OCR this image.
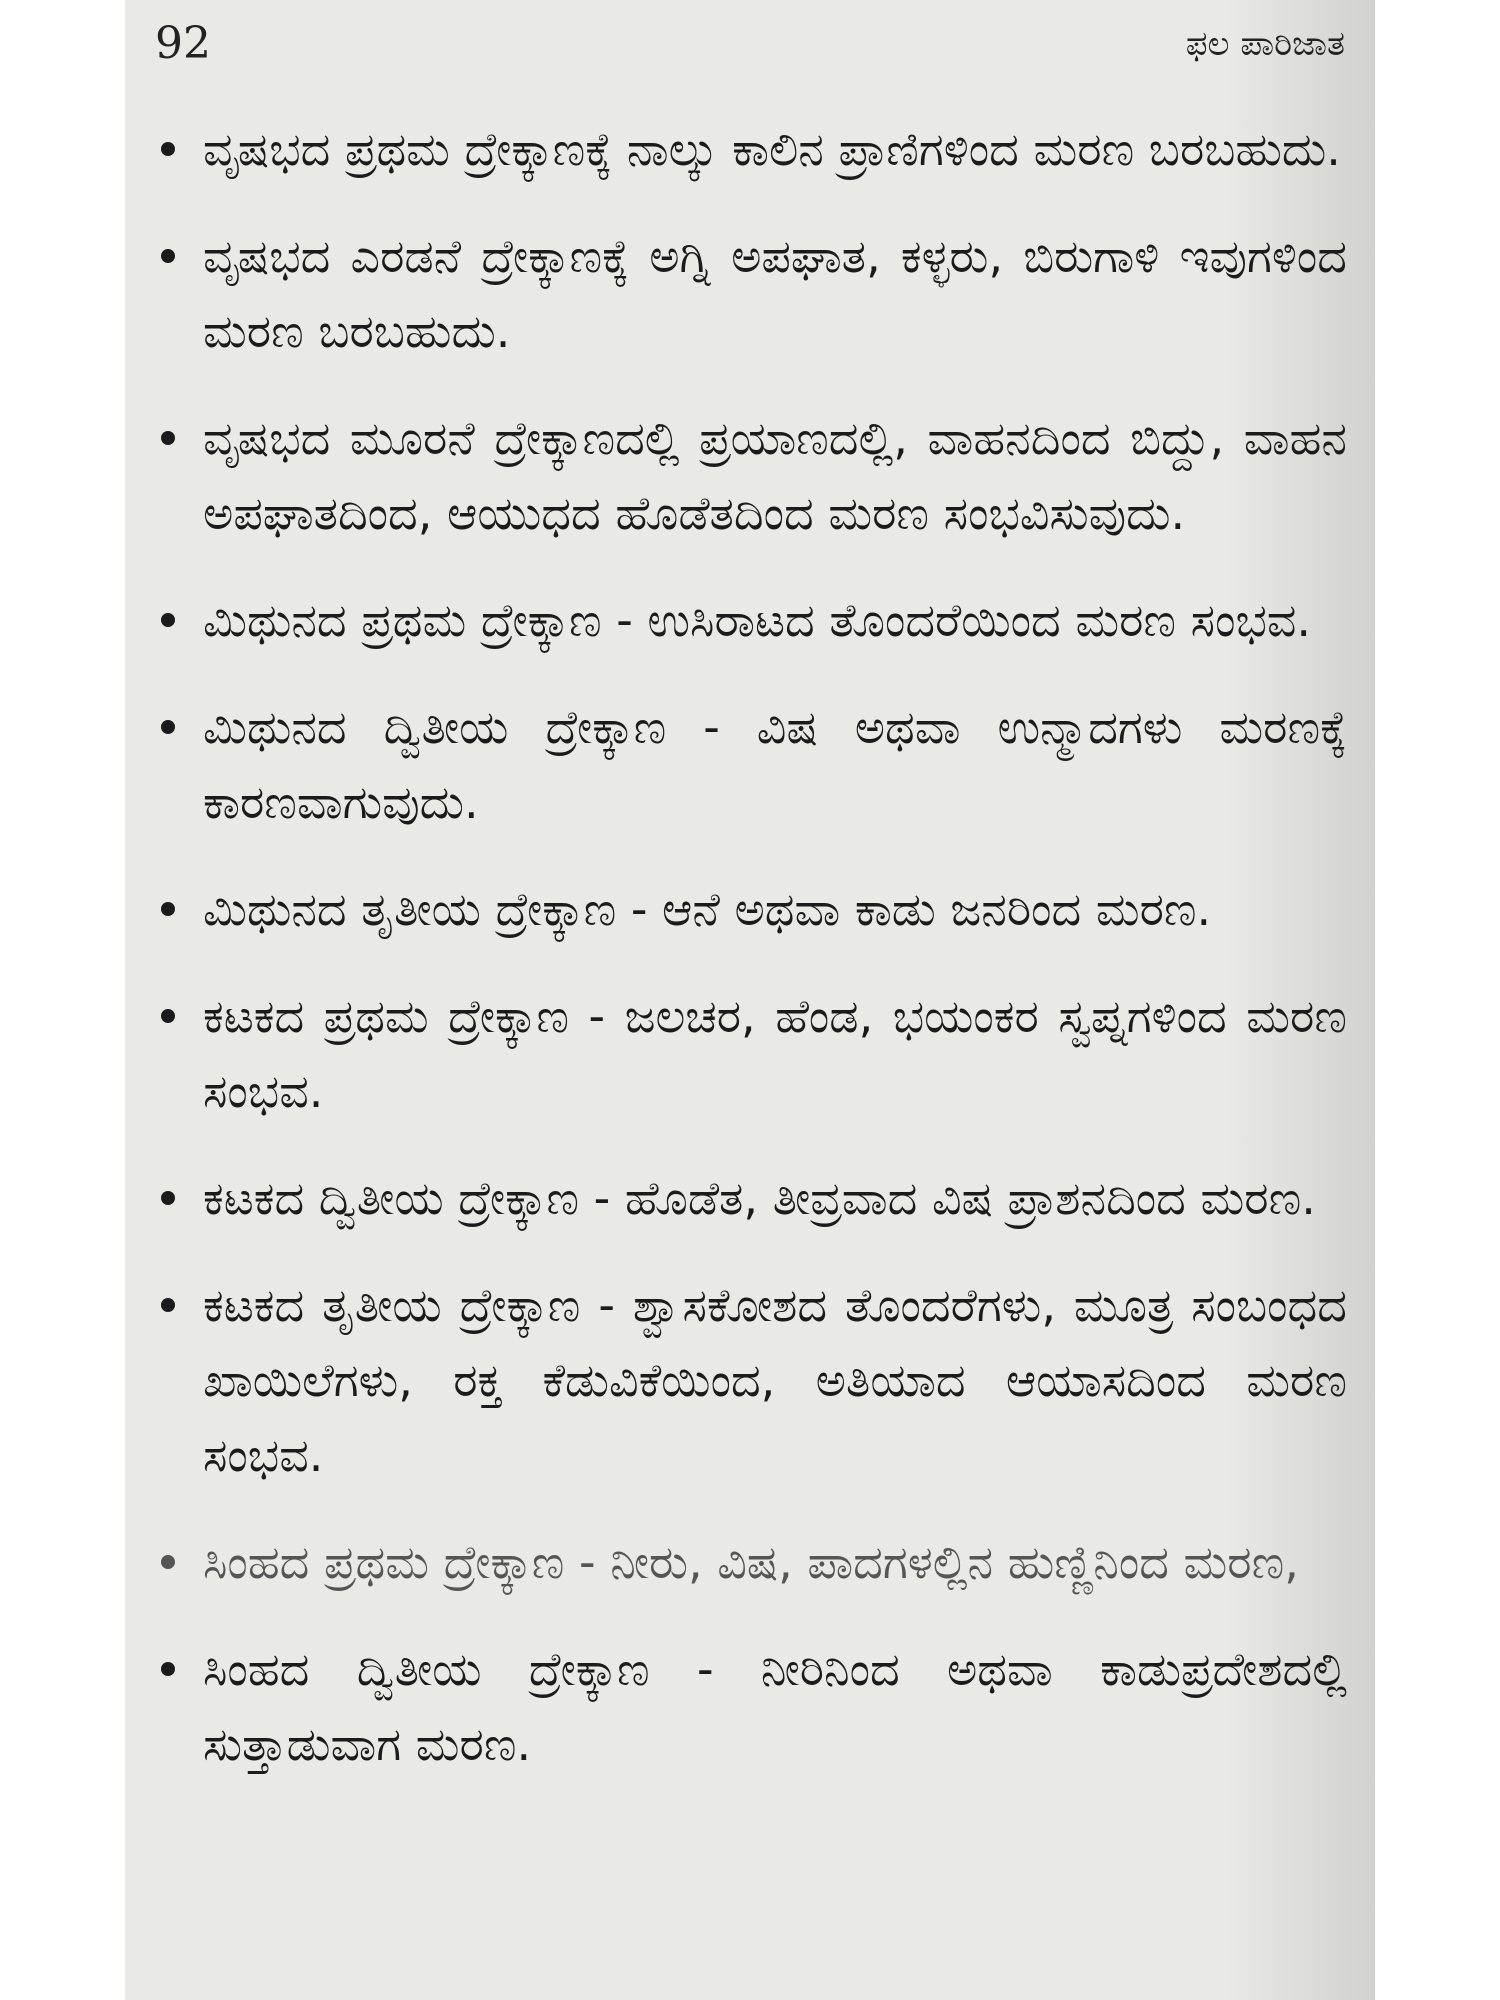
92	ಫಲ ಪಾರಿಜಾತ
ವೃಷಭದ ಪ್ರಥಮ ದ್ರೇಕ್ಕಾಣಕ್ಕೆ ನಾಲ್ಕು ಕಾಲಿನ ಪ್ರಾಣಿಗಳಿಂದ ಮರಣ ಬರಬಹುದು.
ವೃಷಭದ ಎರಡನೆ ದ್ರೇಕ್ಕಾಣಕ್ಕೆ ಅಗ್ನಿ ಅಪಘಾತ, ಕಳ್ಳರು, ಬಿರುಗಾಳಿ ಇವುಗಳಿಂದ ಮರಣ ಬರಬಹುದು.
ವೃಷಭದ ಮೂರನೆ ದ್ರೇಕ್ಕಾಣದಲ್ಲಿ ಪ್ರಯಾಣದಲ್ಲಿ, ವಾಹನದಿಂದ ಬಿದ್ದು, ವಾಹನ ಅಪಘಾತದಿಂದ, ಆಯುಧದ ಹೊಡೆತದಿಂದ ಮರಣ ಸಂಭವಿಸುವುದು.
ಮಿಥುನದ ಪ್ರಥಮ ದ್ರೇಕ್ಕಾಣ - ಉಸಿರಾಟದ ತೊಂದರೆಯಿಂದ ಮರಣ ಸಂಭವ.
ಮಿಥುನದ ದ್ವಿತೀಯ ದ್ರೇಕ್ಕಾಣ - ವಿಷ ಅಥವಾ ಉನ್ಮಾದಗಳು ಮರಣಕ್ಕೆ ಕಾರಣವಾಗುವುದು.
ಮಿಥುನದ ತೃತೀಯ ದ್ರೇಕ್ಕಾಣ - ಆನೆ ಅಥವಾ ಕಾಡು ಜನರಿಂದ ಮರಣ.
ಕಟಕದ ಪ್ರಥಮ ದ್ರೇಕ್ಕಾಣ - ಜಲಚರ, ಹೆಂಡ, ಭಯಂಕರ ಸ್ವಪ್ನಗಳಿಂದ ಮರಣ ಸಂಭವ.
ಕಟಕದ ದ್ವಿತೀಯ ದ್ರೇಕ್ಕಾಣ - ಹೊಡೆತ, ತೀವ್ರವಾದ ವಿಷ ಪ್ರಾಶನದಿಂದ ಮರಣ.
ಕಟಕದ ತೃತೀಯ ದ್ರೇಕ್ಕಾಣ - ಶ್ವಾಸಕೋಶದ ತೊಂದರೆಗಳು, ಮೂತ್ರ ಸಂಬಂಧದ ಖಾಯಿಲೆಗಳು, ರಕ್ತ ಕೆಡುವಿಕೆಯಿಂದ, ಅತಿಯಾದ ಆಯಾಸದಿಂದ ಮರಣ ಸಂಭವ.
ಸಿಂಹದ ಪ್ರಥಮ ದ್ರೇಕ್ಕಾಣ - ನೀರು, ವಿಷ, ಪಾದಗಳಲ್ಲಿನ ಹುಣ್ಣಿನಿಂದ ಮರಣ,
ಸಿಂಹದ ದ್ವಿತೀಯ ದ್ರೇಕ್ಕಾಣ - ನೀರಿನಿಂದ ಅಥವಾ ಕಾಡುಪ್ರದೇಶದಲ್ಲಿ ಸುತ್ತಾಡುವಾಗ ಮರಣ.
